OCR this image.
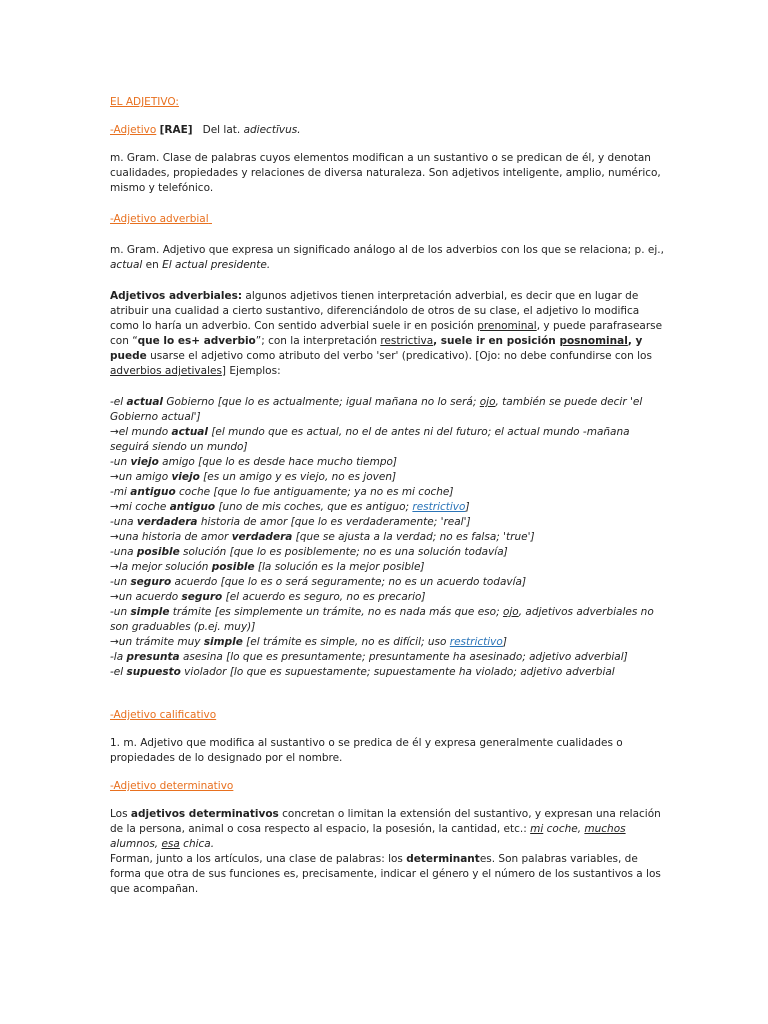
EL ADJETIVO:

-Adjetivo [RAE] Del lat. adiectīvus.

m. Gram. Clase de palabras cuyos elementos modifican a un sustantivo o se predican de él, y denotan cualidades, propiedades y relaciones de diversa naturaleza. Son adjetivos inteligente, amplio, numérico, mismo y telefónico.

-Adjetivo adverbial

m. Gram. Adjetivo que expresa un significado análogo al de los adverbios con los que se relaciona; p. ej., actual en El actual presidente.

Adjetivos adverbiales: algunos adjetivos tienen interpretación adverbial, es decir que en lugar de atribuir una cualidad a cierto sustantivo, diferenciándolo de otros de su clase, el adjetivo lo modifica como lo haría un adverbio. Con sentido adverbial suele ir en posición prenominal, y puede parafrasearse con “que lo es+ adverbio”; con la interpretación restrictiva, suele ir en posición posnominal, y puede usarse el adjetivo como atributo del verbo 'ser' (predicativo). [Ojo: no debe confundirse con los adverbios adjetivales] Ejemplos:

-el actual Gobierno [que lo es actualmente; igual mañana no lo será; ojo, también se puede decir 'el Gobierno actual']

→el mundo actual [el mundo que es actual, no el de antes ni del futuro; el actual mundo -mañana seguirá siendo un mundo]

-un viejo amigo [que lo es desde hace mucho tiempo]

→un amigo viejo [es un amigo y es viejo, no es joven]

-mi antiguo coche [que lo fue antiguamente; ya no es mi coche]

→mi coche antiguo [uno de mis coches, que es antiguo; restrictivo]

-una verdadera historia de amor [que lo es verdaderamente; 'real']

→una historia de amor verdadera [que se ajusta a la verdad; no es falsa; 'true']

-una posible solución [que lo es posiblemente; no es una solución todavía]

→la mejor solución posible [la solución es la mejor posible]

-un seguro acuerdo [que lo es o será seguramente; no es un acuerdo todavía]

→un acuerdo seguro [el acuerdo es seguro, no es precario]

-un simple trámite [es simplemente un trámite, no es nada más que eso; ojo, adjetivos adverbiales no son graduables (p.ej. muy)]

→un trámite muy simple [el trámite es simple, no es difícil; uso restrictivo]

-la presunta asesina [lo que es presuntamente; presuntamente ha asesinado; adjetivo adverbial]

-el supuesto violador [lo que es supuestamente; supuestamente ha violado; adjetivo adverbial

-Adjetivo calificativo

1. m. Adjetivo que modifica al sustantivo o se predica de él y expresa generalmente cualidades o propiedades de lo designado por el nombre.

-Adjetivo determinativo

Los adjetivos determinativos concretan o limitan la extensión del sustantivo, y expresan una relación de la persona, animal o cosa respecto al espacio, la posesión, la cantidad, etc.: mi coche, muchos alumnos, esa chica.

Forman, junto a los artículos, una clase de palabras: los determinantes. Son palabras variables, de forma que otra de sus funciones es, precisamente, indicar el género y el número de los sustantivos a los que acompañan.
